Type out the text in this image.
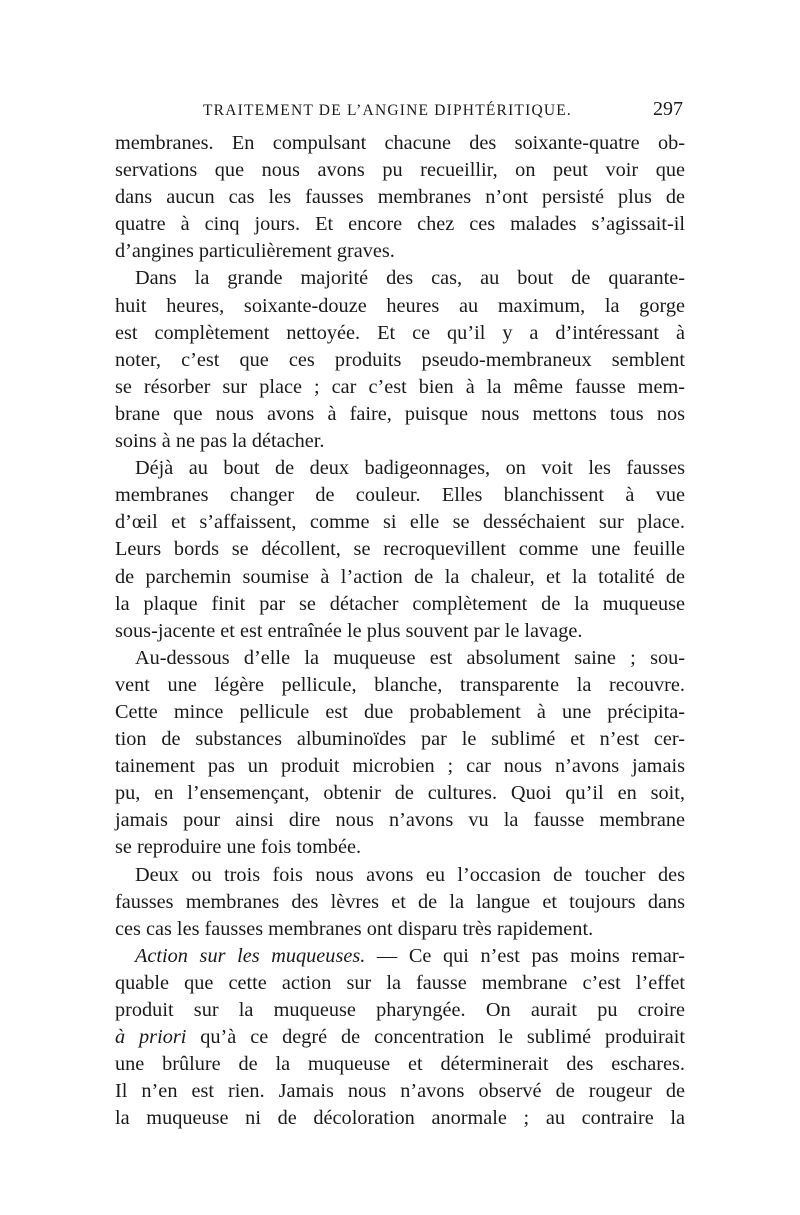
TRAITEMENT DE L’ANGINE DIPHTÉRITIQUE.	297
membranes. En compulsant chacune des soixante-quatre ob-
servations que nous avons pu recueillir, on peut voir que
dans aucun cas les fausses membranes n’ont persisté plus de
quatre à cinq jours. Et encore chez ces malades s’agissait-il
d’angines particulièrement graves.
Dans la grande majorité des cas, au bout de quarante-
huit heures, soixante-douze heures au maximum, la gorge
est complètement nettoyée. Et ce qu’il y a d’intéressant à
noter, c’est que ces produits pseudo-membraneux semblent
se résorber sur place ; car c’est bien à la même fausse mem-
brane que nous avons à faire, puisque nous mettons tous nos
soins à ne pas la détacher.
Déjà au bout de deux badigeonnages, on voit les fausses
membranes changer de couleur. Elles blanchissent à vue
d’œil et s’affaissent, comme si elle se desséchaient sur place.
Leurs bords se décollent, se recroquevillent comme une feuille
de parchemin soumise à l’action de la chaleur, et la totalité de
la plaque finit par se détacher complètement de la muqueuse
sous-jacente et est entraînée le plus souvent par le lavage.
Au-dessous d’elle la muqueuse est absolument saine ; sou-
vent une légère pellicule, blanche, transparente la recouvre.
Cette mince pellicule est due probablement à une précipita-
tion de substances albuminoïdes par le sublimé et n’est cer-
tainement pas un produit microbien ; car nous n’avons jamais
pu, en l’ensemençant, obtenir de cultures. Quoi qu’il en soit,
jamais pour ainsi dire nous n’avons vu la fausse membrane
se reproduire une fois tombée.
Deux ou trois fois nous avons eu l’occasion de toucher des
fausses membranes des lèvres et de la langue et toujours dans
ces cas les fausses membranes ont disparu très rapidement.
Action sur les muqueuses. — Ce qui n’est pas moins remar-
quable que cette action sur la fausse membrane c’est l’effet
produit sur la muqueuse pharyngée. On aurait pu croire
à priori qu’à ce degré de concentration le sublimé produirait
une brûlure de la muqueuse et déterminerait des eschares.
Il n’en est rien. Jamais nous n’avons observé de rougeur de
la muqueuse ni de décoloration anormale ; au contraire la
